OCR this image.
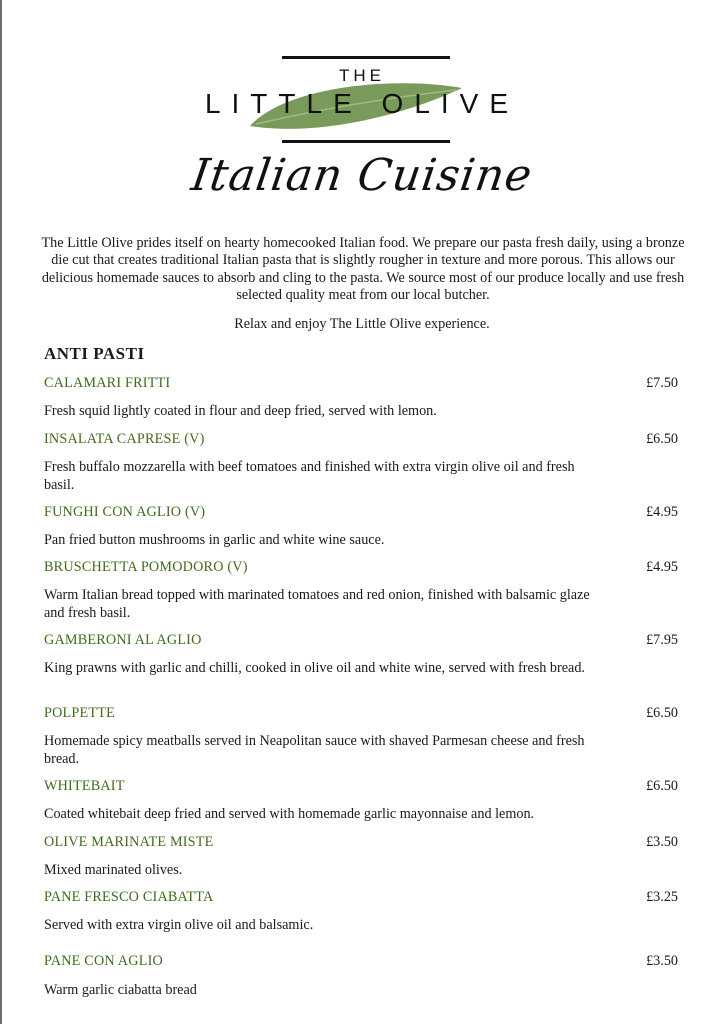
THE
LITTLE OLIVE
Italian Cuisine

The Little Olive prides itself on hearty homecooked Italian food. We prepare our pasta fresh daily, using a bronze die cut that creates traditional Italian pasta that is slightly rougher in texture and more porous. This allows our delicious homemade sauces to absorb and cling to the pasta. We source most of our produce locally and use fresh selected quality meat from our local butcher.

Relax and enjoy The Little Olive experience.
ANTI PASTI
CALAMARI FRITTI	£7.50
Fresh squid lightly coated in flour and deep fried, served with lemon.
INSALATA CAPRESE (V)	£6.50
Fresh buffalo mozzarella with beef tomatoes and finished with extra virgin olive oil and fresh basil.
FUNGHI CON AGLIO (V)	£4.95
Pan fried button mushrooms in garlic and white wine sauce.
BRUSCHETTA POMODORO (V)	£4.95
Warm Italian bread topped with marinated tomatoes and red onion, finished with balsamic glaze and fresh basil.
GAMBERONI AL AGLIO	£7.95
King prawns with garlic and chilli, cooked in olive oil and white wine, served with fresh bread.
POLPETTE	£6.50
Homemade spicy meatballs served in Neapolitan sauce with shaved Parmesan cheese and fresh bread.
WHITEBAIT	£6.50
Coated whitebait deep fried and served with homemade garlic mayonnaise and lemon.
OLIVE MARINATE MISTE	£3.50
Mixed marinated olives.
PANE FRESCO CIABATTA	£3.25
Served with extra virgin olive oil and balsamic.
PANE CON AGLIO	£3.50
Warm garlic ciabatta bread
